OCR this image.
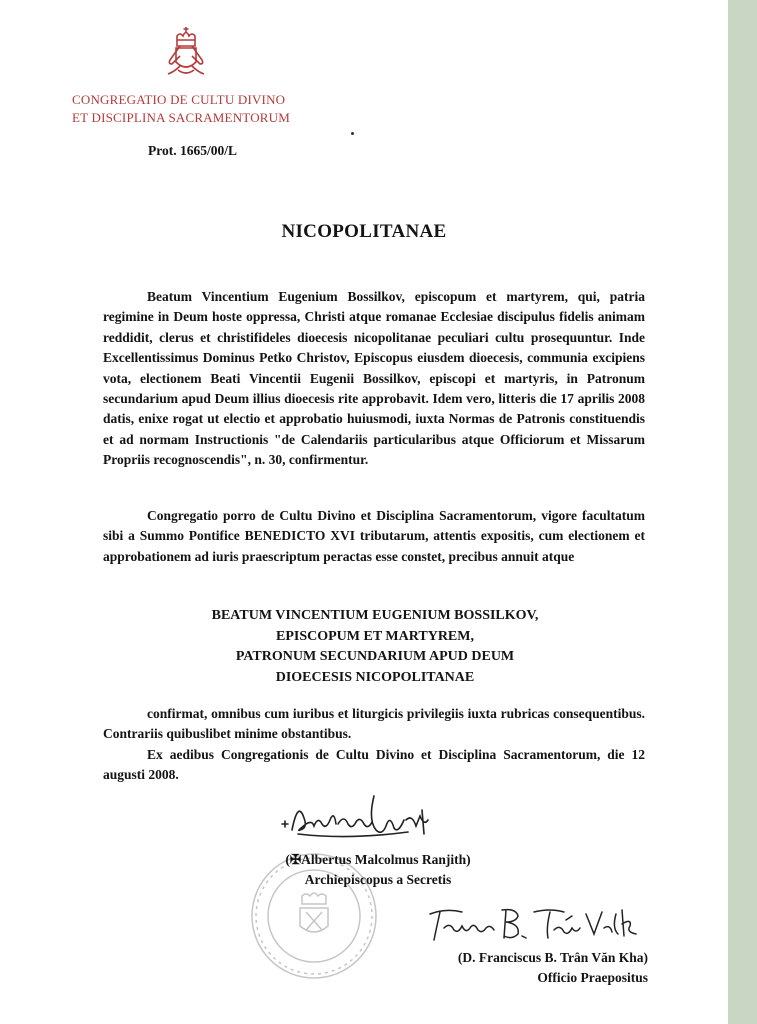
CONGREGATIO DE CULTU DIVINO
ET DISCIPLINA SACRAMENTORUM
Prot. 1665/00/L
NICOPOLITANAE

Beatum Vincentium Eugenium Bossilkov, episcopum et martyrem, qui, patria regimine in Deum hoste oppressa, Christi atque romanae Ecclesiae discipulus fidelis animam reddidit, clerus et christifideles dioecesis nicopolitanae peculiari cultu prosequuntur. Inde Excellentissimus Dominus Petko Christov, Episcopus eiusdem dioecesis, communia excipiens vota, electionem Beati Vincentii Eugenii Bossilkov, episcopi et martyris, in Patronum secundarium apud Deum illius dioecesis rite approbavit. Idem vero, litteris die 17 aprilis 2008 datis, enixe rogat ut electio et approbatio huiusmodi, iuxta Normas de Patronis constituendis et ad normam Instructionis "de Calendariis particularibus atque Officiorum et Missarum Propriis recognoscendis", n. 30, confirmentur.

Congregatio porro de Cultu Divino et Disciplina Sacramentorum, vigore facultatum sibi a Summo Pontifice BENEDICTO XVI tributarum, attentis expositis, cum electionem et approbationem ad iuris praescriptum peractas esse constet, precibus annuit atque

BEATUM VINCENTIUM EUGENIUM BOSSILKOV,
EPISCOPUM ET MARTYREM,
PATRONUM SECUNDARIUM APUD DEUM
DIOECESIS NICOPOLITANAE

confirmat, omnibus cum iuribus et liturgicis privilegiis iuxta rubricas consequentibus. Contrariis quibuslibet minime obstantibus.

Ex aedibus Congregationis de Cultu Divino et Disciplina Sacramentorum, die 12 augusti 2008.

(✠Albertus Malcolmus Ranjith)
Archiepiscopus a Secretis
(D. Franciscus B. Trân Văn Kha)
Officio Praepositus
